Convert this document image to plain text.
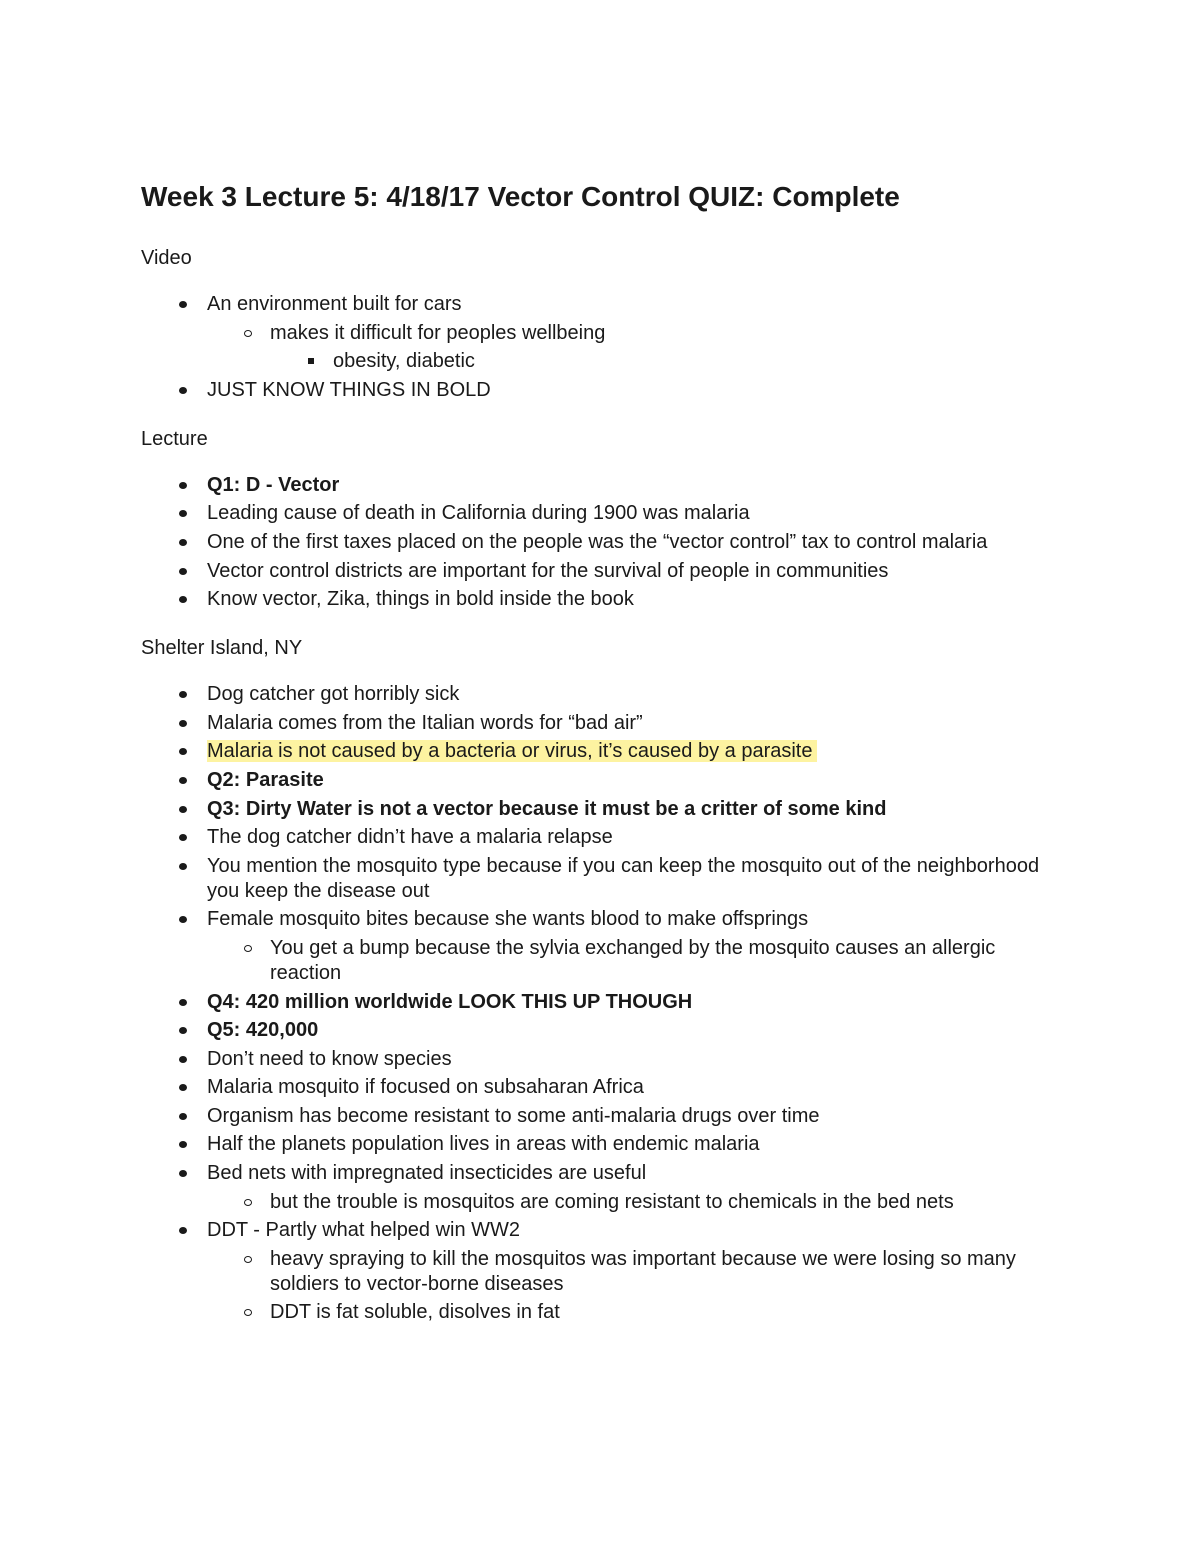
Week 3 Lecture 5: 4/18/17 Vector Control QUIZ: Complete
Video
An environment built for cars
makes it difficult for peoples wellbeing
obesity, diabetic
JUST KNOW THINGS IN BOLD
Lecture
Q1: D - Vector
Leading cause of death in California during 1900 was malaria
One of the first taxes placed on the people was the “vector control” tax to control malaria
Vector control districts are important for the survival of people in communities
Know vector, Zika, things in bold inside the book
Shelter Island, NY
Dog catcher got horribly sick
Malaria comes from the Italian words for “bad air”
Malaria is not caused by a bacteria or virus, it’s caused by a parasite
Q2: Parasite
Q3: Dirty Water is not a vector because it must be a critter of some kind
The dog catcher didn’t have a malaria relapse
You mention the mosquito type because if you can keep the mosquito out of the neighborhood you keep the disease out
Female mosquito bites because she wants blood to make offsprings
You get a bump because the sylvia exchanged by the mosquito causes an allergic reaction
Q4: 420 million worldwide LOOK THIS UP THOUGH
Q5: 420,000
Don’t need to know species
Malaria mosquito if focused on subsaharan Africa
Organism has become resistant to some anti-malaria drugs over time
Half the planets population lives in areas with endemic malaria
Bed nets with impregnated insecticides are useful
but the trouble is mosquitos are coming resistant to chemicals in the bed nets
DDT - Partly what helped win WW2
heavy spraying to kill the mosquitos was important because we were losing so many soldiers to vector-borne diseases
DDT is fat soluble, disolves in fat
